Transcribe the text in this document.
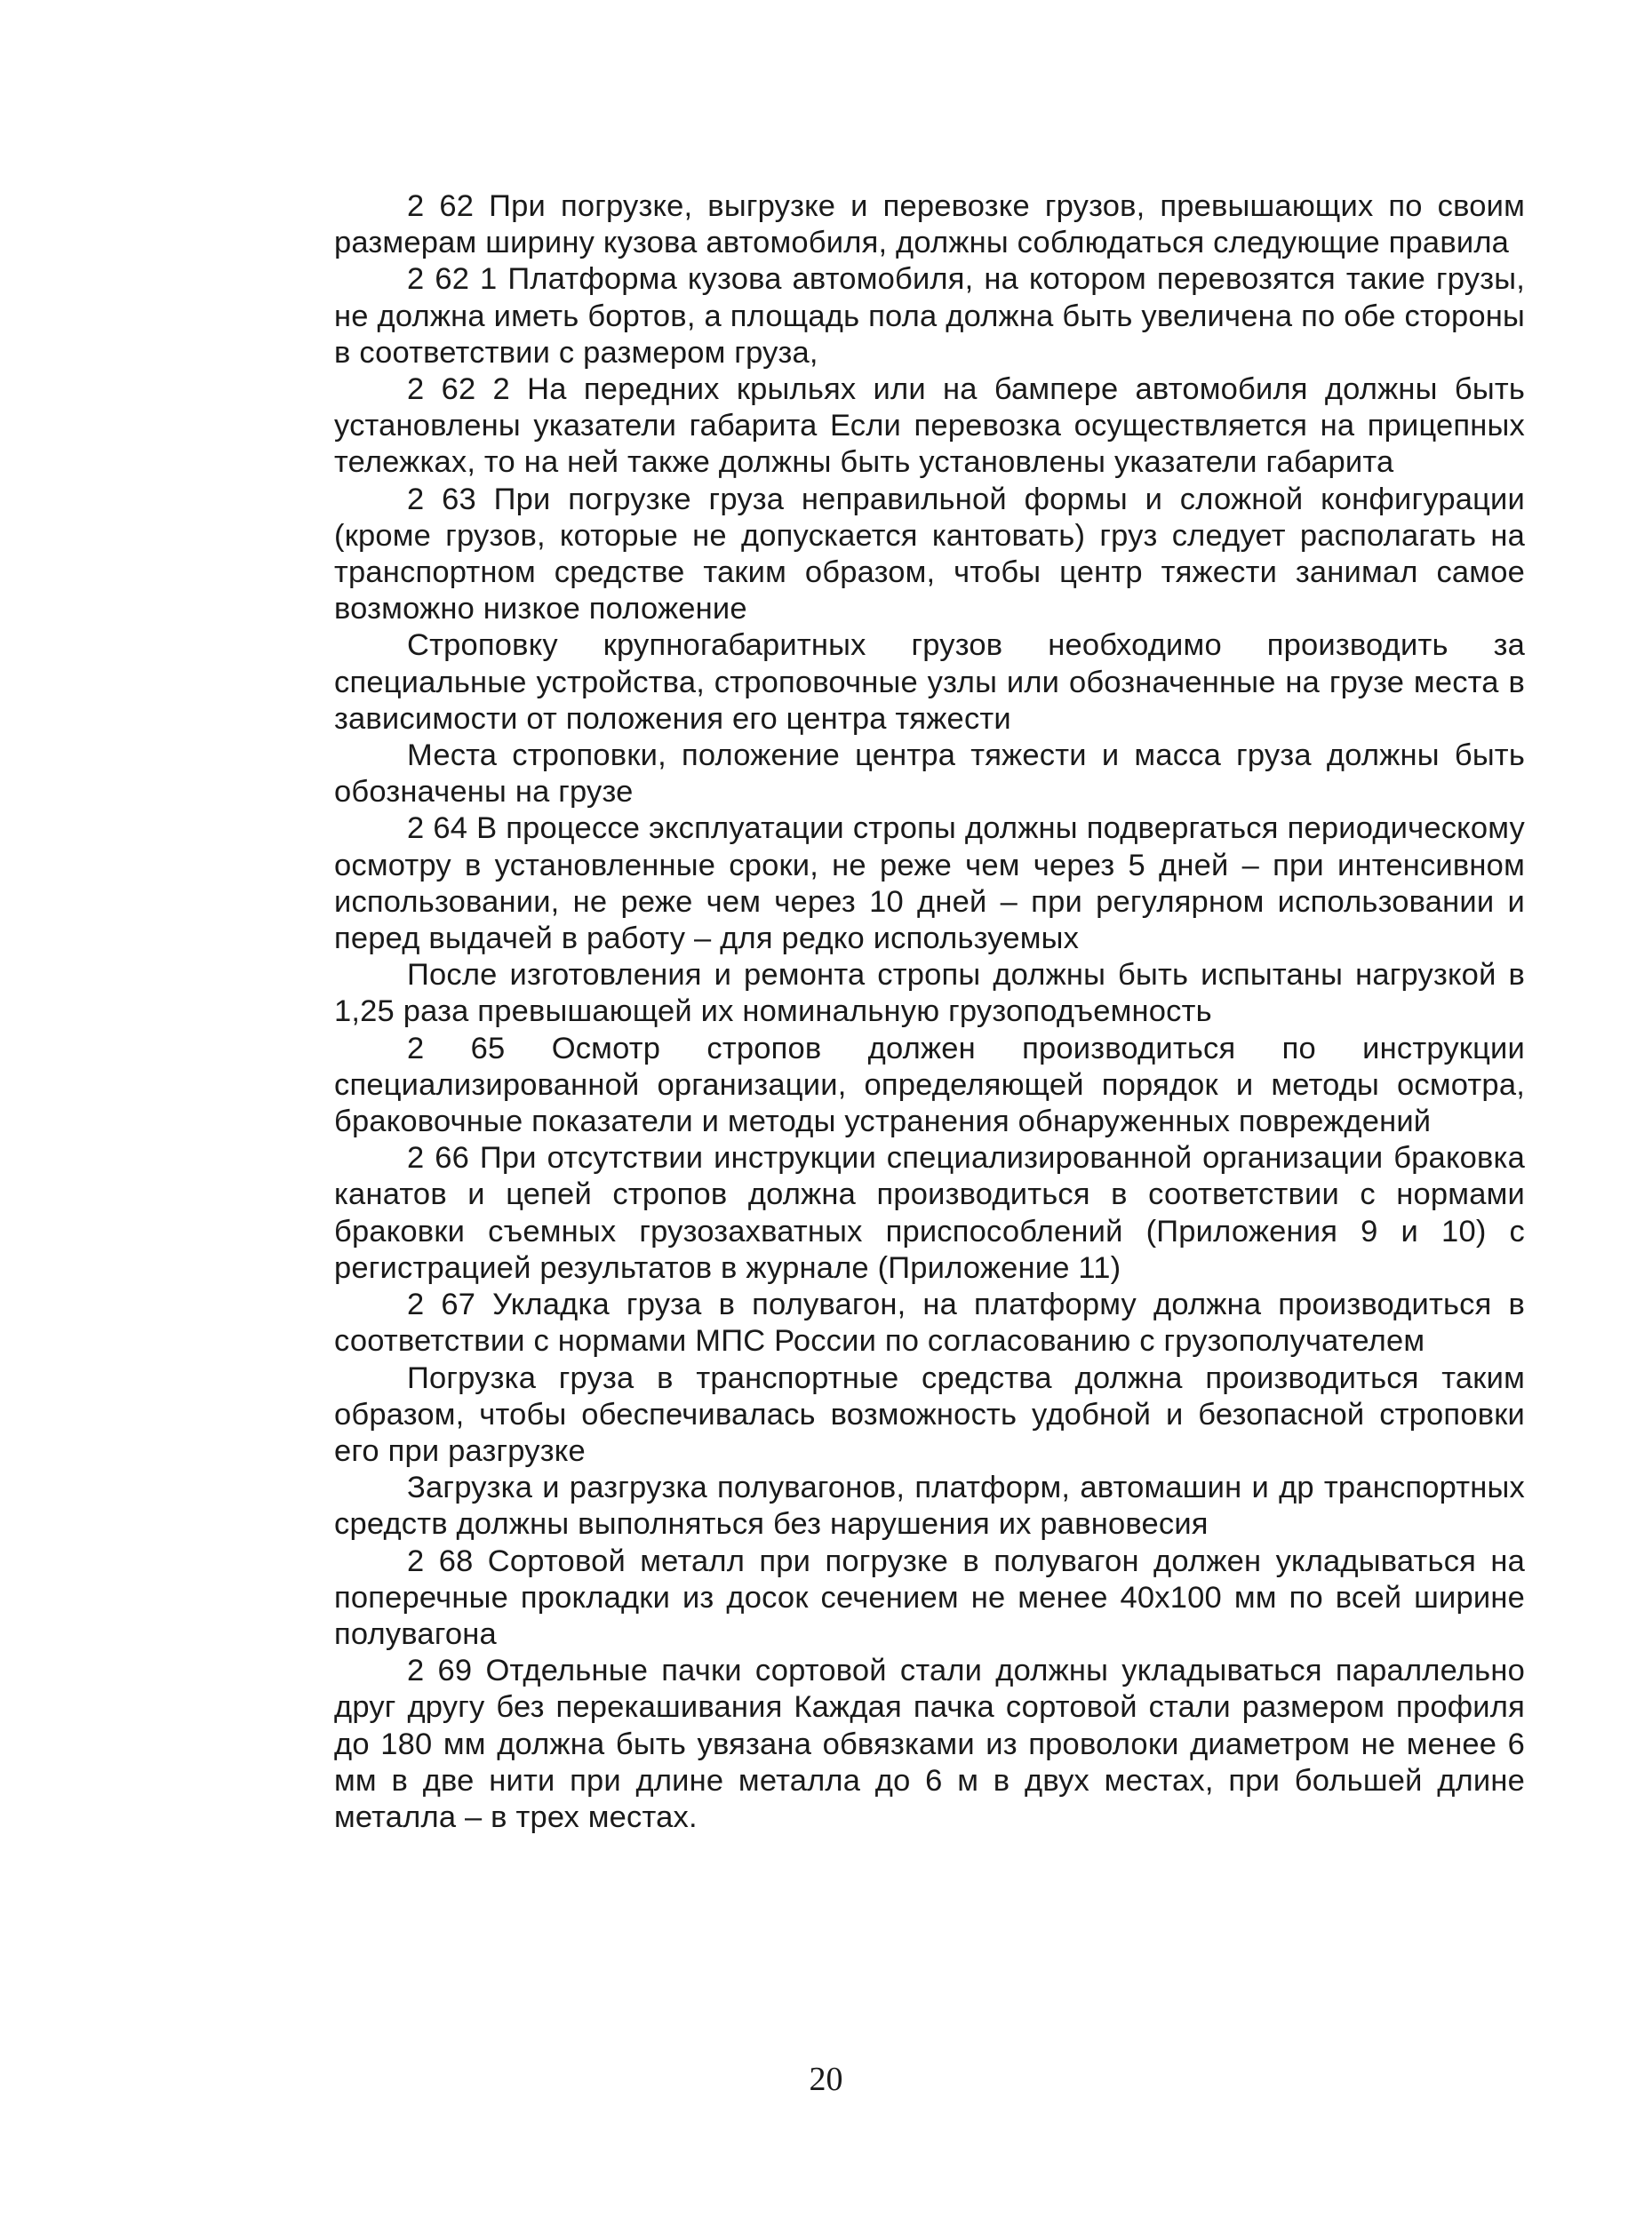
2 62 При погрузке, выгрузке и перевозке грузов, превышающих по своим размерам ширину кузова автомобиля, должны соблюдаться следующие правила

2 62 1 Платформа кузова автомобиля, на котором перевозятся такие грузы, не должна иметь бортов, а площадь пола должна быть увеличена по обе стороны в соответствии с размером груза,

2 62 2 На передних крыльях или на бампере автомобиля должны быть установлены указатели габарита Если перевозка осуществляется на прицепных тележках, то на ней также должны быть установлены указатели габарита

2 63 При погрузке груза неправильной формы и сложной конфигурации (кроме грузов, которые не допускается кантовать) груз следует располагать на транспортном средстве таким образом, чтобы центр тяжести занимал самое возможно низкое положение

Строповку крупногабаритных грузов необходимо производить за специальные устройства, строповочные узлы или обозначенные на грузе места в зависимости от положения его центра тяжести

Места строповки, положение центра тяжести и масса груза должны быть обозначены на грузе

2 64 В процессе эксплуатации стропы должны подвергаться периодическому осмотру в установленные сроки, не реже чем через 5 дней – при интенсивном использовании, не реже чем через 10 дней – при регулярном использовании и перед выдачей в работу – для редко используемых

После изготовления и ремонта стропы должны быть испытаны нагрузкой в 1,25 раза превышающей их номинальную грузоподъемность

2 65 Осмотр стропов должен производиться по инструкции специализированной организации, определяющей порядок и методы осмотра, браковочные показатели и методы устранения обнаруженных повреждений

2 66 При отсутствии инструкции специализированной организации браковка канатов и цепей стропов должна производиться в соответствии с нормами браковки съемных грузозахватных приспособлений (Приложения 9 и 10) с регистрацией результатов в журнале (Приложение 11)

2 67 Укладка груза в полувагон, на платформу должна производиться в соответствии с нормами МПС России по согласованию с грузополучателем

Погрузка груза в транспортные средства должна производиться таким образом, чтобы обеспечивалась возможность удобной и безопасной строповки его при разгрузке

Загрузка и разгрузка полувагонов, платформ, автомашин и др транспортных средств должны выполняться без нарушения их равновесия

2 68 Сортовой металл при погрузке в полувагон должен укладываться на поперечные прокладки из досок сечением не менее 40х100 мм по всей ширине полувагона

2 69 Отдельные пачки сортовой стали должны укладываться параллельно друг другу без перекашивания Каждая пачка сортовой стали размером профиля до 180 мм должна быть увязана обвязками из проволоки диаметром не менее 6 мм в две нити при длине металла до 6 м в двух местах, при большей длине металла – в трех местах.

20
